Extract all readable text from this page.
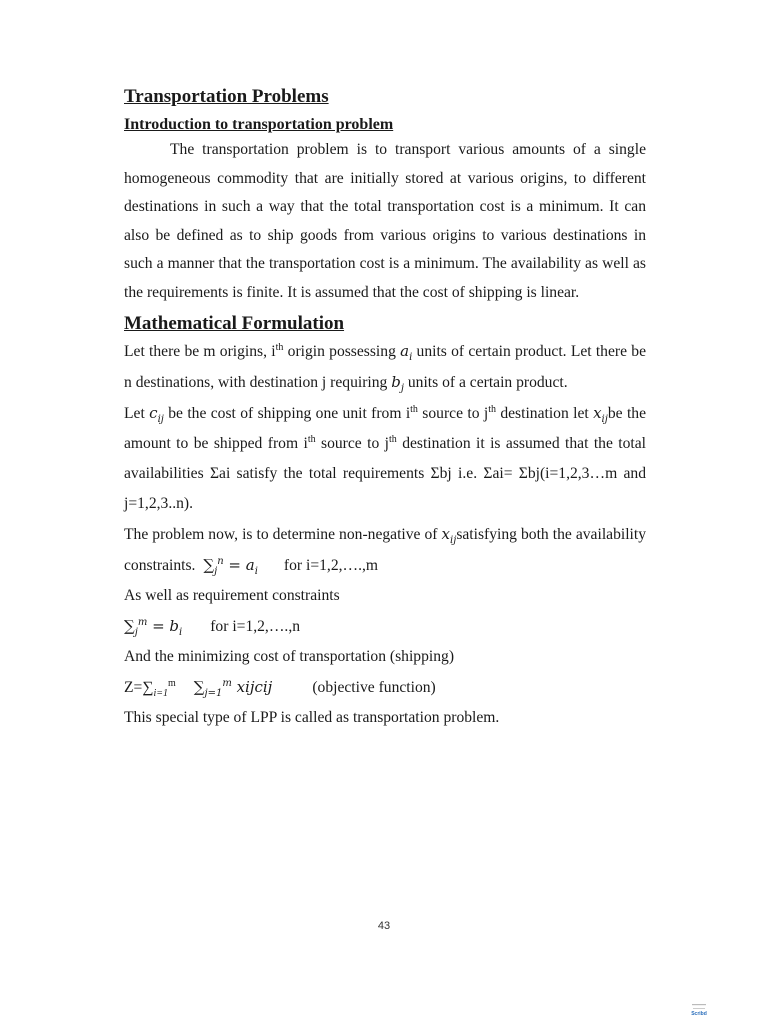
Transportation Problems
Introduction to transportation problem

The transportation problem is to transport various amounts of a single homogeneous commodity that are initially stored at various origins, to different destinations in such a way that the total transportation cost is a minimum. It can also be defined as to ship goods from various origins to various destinations in such a manner that the transportation cost is a minimum. The availability as well as the requirements is finite. It is assumed that the cost of shipping is linear.

Mathematical Formulation

Let there be m origins, $i^{th}$ origin possessing $a_i$ units of certain product. Let there be n destinations, with destination j requiring $b_j$ units of a certain product.

Let $c_{ij}$ be the cost of shipping one unit from $i^{th}$ source to $j^{th}$ destination let $x_{ij}be$ the amount to be shipped from $i^{th}$ source to $j^{th}$ destination it is assumed that the total availabilities Σai satisfy the total requirements Σbj i.e. Σai= Σbj(i=1,2,3…m and j=1,2,3..n).

The problem now, is to determine non-negative of $x_{ij}satisfying$ both the availability constraints. $\sum_j^n = a_i$ for i=1,2,….,m

As well as requirement constraints
$\sum_j^m = b_i$ for i=1,2,….,n
And the minimizing cost of transportation (shipping)
$Z=\sum_{i=1}^m$ $\sum_{j=1}^m$ xijcij	(objective function)
This special type of LPP is called as transportation problem.
43
Scribd
